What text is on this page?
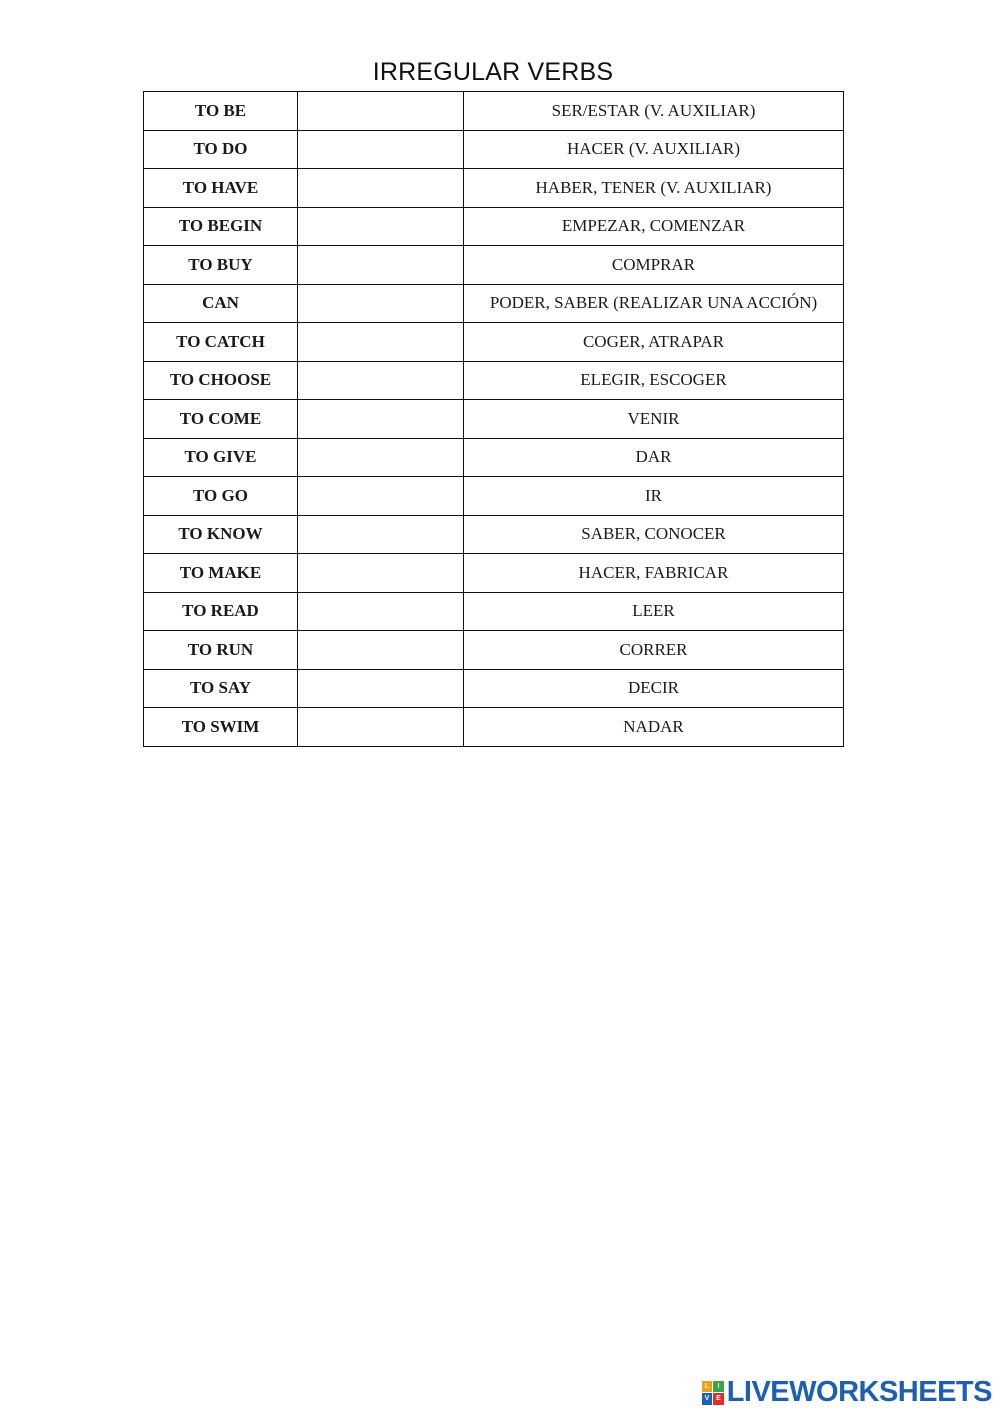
IRREGULAR VERBS
TO BE		SER/ESTAR (V. AUXILIAR)
TO DO		HACER (V. AUXILIAR)
TO HAVE		HABER, TENER (V. AUXILIAR)
TO BEGIN		EMPEZAR, COMENZAR
TO BUY		COMPRAR
CAN		PODER, SABER (REALIZAR UNA ACCIÓN)
TO CATCH		COGER, ATRAPAR
TO CHOOSE		ELEGIR, ESCOGER
TO COME		VENIR
TO GIVE		DAR
TO GO		IR
TO KNOW		SABER, CONOCER
TO MAKE		HACER, FABRICAR
TO READ		LEER
TO RUN		CORRER
TO SAY		DECIR
TO SWIM		NADAR
L	I
V E LIVEWORKSHEETS
